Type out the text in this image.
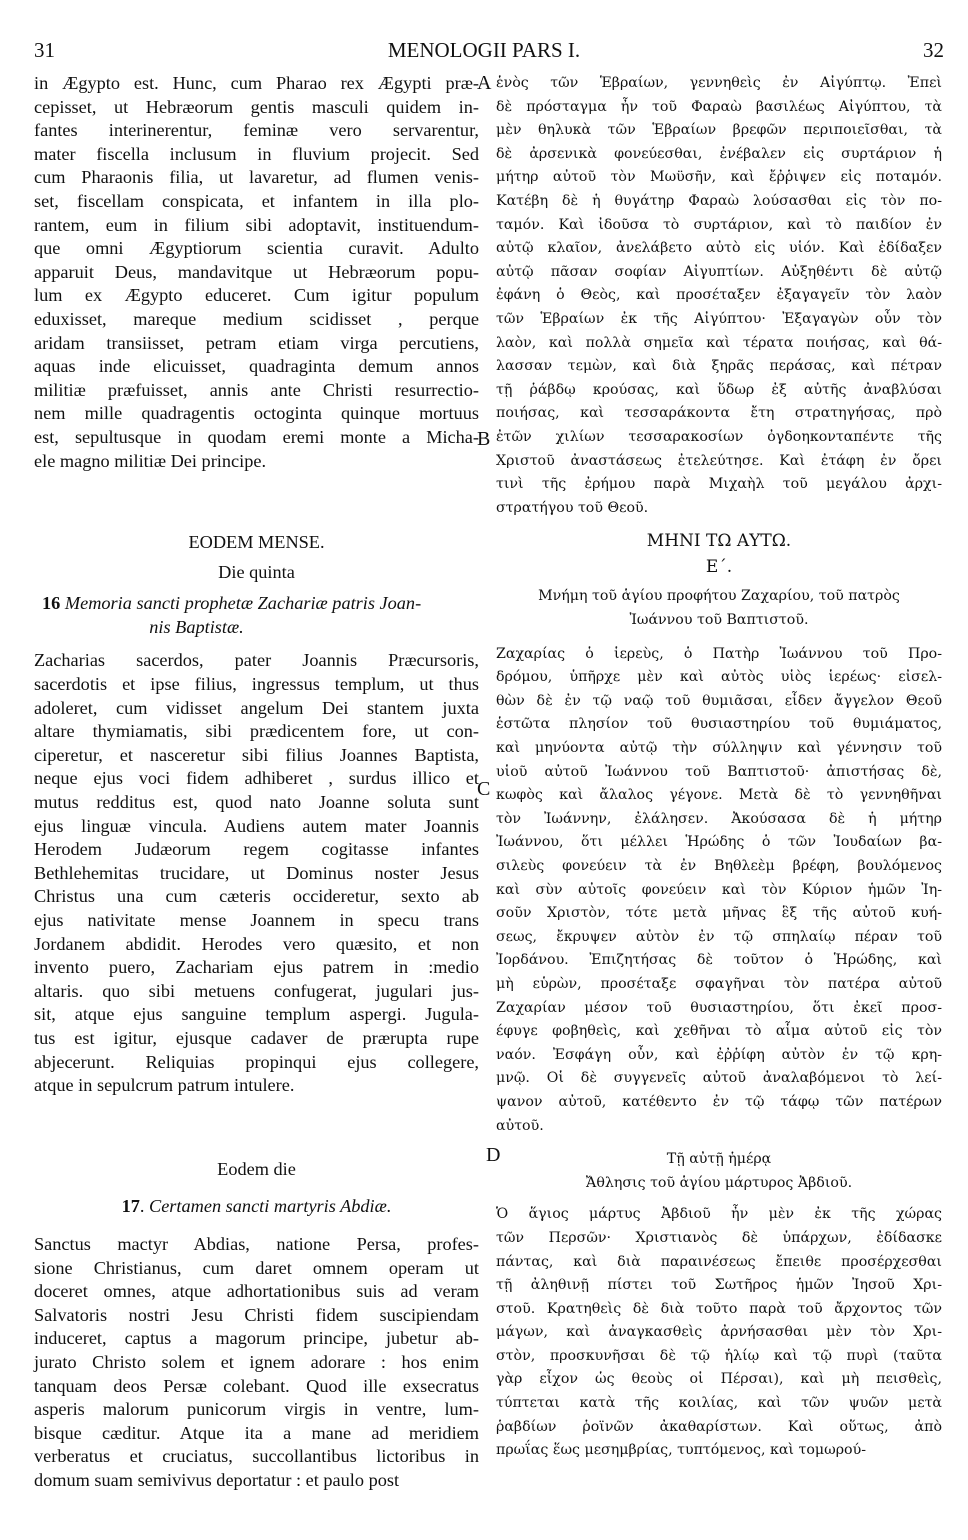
31	MENOLOGII PARS I.	32
A
B
C
D
in Ægypto est. Hunc, cum Pharao rex Ægypti præ-
cepisset, ut Hebræorum gentis masculi quidem in-
fantes interinerentur, feminæ vero servarentur,
mater fiscella inclusum in fluvium projecit. Sed
cum Pharaonis filia, ut lavaretur, ad flumen venis-
set, fiscellam conspicata, et infantem in illa plo-
rantem, eum in filium sibi adoptavit, instituendum-
que omni Ægyptiorum scientia curavit. Adulto
apparuit Deus, mandavitque ut Hebræorum popu-
lum ex Ægypto educeret. Cum igitur populum
eduxisset, mareque medium scidisset , perque
aridam transiisset, petram etiam virga percutiens,
aquas inde elicuisset, quadraginta demum annos
militiæ præfuisset, annis ante Christi resurrectio-
nem mille quadragentis octoginta quinque mortuus
est, sepultusque in quodam eremi monte a Micha-
ele magno militiæ Dei principe.
EODEM MENSE.
Die quinta
16 Memoria sancti prophetæ Zachariæ patris Joan-
nis Baptistæ.
Zacharias sacerdos, pater Joannis Præcursoris,
sacerdotis et ipse filius, ingressus templum, ut thus
adoleret, cum vidisset angelum Dei stantem juxta
altare thymiamatis, sibi prædicentem fore, ut con-
ciperetur, et nasceretur sibi filius Joannes Baptista,
neque ejus voci fidem adhiberet , surdus illico et
mutus redditus est, quod nato Joanne soluta sunt
ejus linguæ vincula. Audiens autem mater Joannis
Herodem Judæorum regem cogitasse infantes
Bethlehemitas trucidare, ut Dominus noster Jesus
Christus una cum cæteris occideretur, sexto ab
ejus nativitate mense Joannem in specu trans
Jordanem abdidit. Herodes vero quæsito, et non
invento puero, Zachariam ejus patrem in :medio
altaris. quo sibi metuens confugerat, jugulari jus-
sit, atque ejus sanguine templum aspergi. Jugula-
tus est igitur, ejusque cadaver de prærupta rupe
abjecerunt. Reliquias propinqui ejus collegere,
atque in sepulcrum patrum intulere.
Eodem die
17. Certamen sancti martyris Abdiæ.
Sanctus mactyr Abdias, natione Persa, profes-
sione Christianus, cum daret omnem operam ut
doceret omnes, atque adhortationibus suis ad veram
Salvatoris nostri Jesu Christi fidem suscipiendam
induceret, captus a magorum principe, jubetur ab-
jurato Christo solem et ignem adorare : hos enim
tanquam deos Persæ colebant. Quod ille exsecratus
asperis malorum punicorum virgis in ventre, lum-
bisque cæditur. Atque ita a mane ad meridiem
verberatus et cruciatus, succollantibus lictoribus in
domum suam semivivus deportatur : et paulo post
ἑνὸς τῶν Ἑβραίων, γεννηθεὶς ἐν Αἰγύπτῳ. Ἐπεὶ
δὲ πρόσταγμα ἦν τοῦ Φαραὼ βασιλέως Αἰγύπτου, τὰ
μὲν θηλυκὰ τῶν Ἑβραίων βρεφῶν περιποιεῖσθαι, τὰ
δὲ ἀρσενικὰ φονεύεσθαι, ἐνέβαλεν εἰς συρτάριον ἡ
μήτηρ αὐτοῦ τὸν Μωϋσῆν, καὶ ἔῤῥιψεν εἰς ποταμόν.
Κατέβη δὲ ἡ θυγάτηρ Φαραὼ λούσασθαι εἰς τὸν πο-
ταμόν. Καὶ ἰδοῦσα τὸ συρτάριον, καὶ τὸ παιδίον ἐν
αὐτῷ κλαῖον, ἀνελάβετο αὐτὸ εἰς υἱόν. Καὶ ἐδίδαξεν
αὐτῷ πᾶσαν σοφίαν Αἰγυπτίων. Αὐξηθέντι δὲ αὐτῷ
ἐφάνη ὁ Θεὸς, καὶ προσέταξεν ἐξαγαγεῖν τὸν λαὸν
τῶν Ἑβραίων ἐκ τῆς Αἰγύπτου· Ἐξαγαγὼν οὖν τὸν
λαὸν, καὶ πολλὰ σημεῖα καὶ τέρατα ποιήσας, καὶ θά-
λασσαν τεμὼν, καὶ διὰ ξηρᾶς περάσας, καὶ πέτραν
τῇ ῥάβδῳ κρούσας, καὶ ὕδωρ ἐξ αὐτῆς ἀναβλύσαι
ποιήσας, καὶ τεσσαράκοντα ἔτη στρατηγήσας, πρὸ
ἐτῶν χιλίων τεσσαρακοσίων ὀγδοηκονταπέντε τῆς
Χριστοῦ ἀναστάσεως ἐτελεύτησε. Καὶ ἐτάφη ἐν ὄρει
τινὶ τῆς ἐρήμου παρὰ Μιχαὴλ τοῦ μεγάλου ἀρχι-
στρατήγου τοῦ Θεοῦ.
ΜΗΝΙ ΤΩ ΑΥΤΩ.
Ε΄.
Μνήμη τοῦ ἁγίου προφήτου Ζαχαρίου, τοῦ πατρὸς
Ἰωάννου τοῦ Βαπτιστοῦ.
Ζαχαρίας ὁ ἱερεὺς, ὁ Πατὴρ Ἰωάννου τοῦ Προ-
δρόμου, ὑπῆρχε μὲν καὶ αὐτὸς υἱὸς ἱερέως· εἰσελ-
θὼν δὲ ἐν τῷ ναῷ τοῦ θυμιᾶσαι, εἶδεν ἄγγελον Θεοῦ
ἑστῶτα πλησίον τοῦ θυσιαστηρίου τοῦ θυμιάματος,
καὶ μηνύοντα αὐτῷ τὴν σύλληψιν καὶ γέννησιν τοῦ
υἱοῦ αὐτοῦ Ἰωάννου τοῦ Βαπτιστοῦ· ἀπιστήσας δὲ,
κωφὸς καὶ ἄλαλος γέγονε. Μετὰ δὲ τὸ γεννηθῆναι
τὸν Ἰωάννην, ἐλάλησεν. Ἀκούσασα δὲ ἡ μήτηρ
Ἰωάννου, ὅτι μέλλει Ἡρώδης ὁ τῶν Ἰουδαίων βα-
σιλεὺς φονεύειν τὰ ἐν Βηθλεὲμ βρέφη, βουλόμενος
καὶ σὺν αὐτοῖς φονεύειν καὶ τὸν Κύριον ἡμῶν Ἰη-
σοῦν Χριστὸν, τότε μετὰ μῆνας ἓξ τῆς αὐτοῦ κυή-
σεως, ἔκρυψεν αὐτὸν ἐν τῷ σπηλαίῳ πέραν τοῦ
Ἰορδάνου. Ἐπιζητήσας δὲ τοῦτον ὁ Ἡρώδης, καὶ
μὴ εὑρὼν, προσέταξε σφαγῆναι τὸν πατέρα αὐτοῦ
Ζαχαρίαν μέσον τοῦ θυσιαστηρίου, ὅτι ἐκεῖ προσ-
έφυγε φοβηθεὶς, καὶ χεθῆναι τὸ αἷμα αὐτοῦ εἰς τὸν
ναόν. Ἐσφάγη οὖν, καὶ ἐῤῥίφη αὐτὸν ἐν τῷ κρη-
μνῷ. Οἱ δὲ συγγενεῖς αὐτοῦ ἀναλαβόμενοι τὸ λεί-
ψανον αὐτοῦ, κατέθεντο ἐν τῷ τάφῳ τῶν πατέρων
αὐτοῦ.
Τῇ αὐτῇ ἡμέρᾳ
Ἄθλησις τοῦ ἁγίου μάρτυρος Ἀβδιοῦ.
Ὁ ἅγιος μάρτυς Ἀβδιοῦ ἦν μὲν ἐκ τῆς χώρας
τῶν Περσῶν· Χριστιανὸς δὲ ὑπάρχων, ἐδίδασκε
πάντας, καὶ διὰ παραινέσεως ἔπειθε προσέρχεσθαι
τῇ ἀληθινῇ πίστει τοῦ Σωτῆρος ἡμῶν Ἰησοῦ Χρι-
στοῦ. Κρατηθεὶς δὲ διὰ τοῦτο παρὰ τοῦ ἄρχοντος τῶν
μάγων, καὶ ἀναγκασθεὶς ἀρνήσασθαι μὲν τὸν Χρι-
στὸν, προσκυνῆσαι δὲ τῷ ἡλίῳ καὶ τῷ πυρὶ (ταῦτα
γὰρ εἶχον ὡς θεοὺς οἱ Πέρσαι), καὶ μὴ πεισθεὶς,
τύπτεται κατὰ τῆς κοιλίας, καὶ τῶν ψυῶν μετὰ
ῥαβδίων ῥοϊνῶν ἀκαθαρίστων. Καὶ οὕτως, ἀπὸ
πρωΐας ἕως μεσημβρίας, τυπτόμενος, καὶ τομωρού-
